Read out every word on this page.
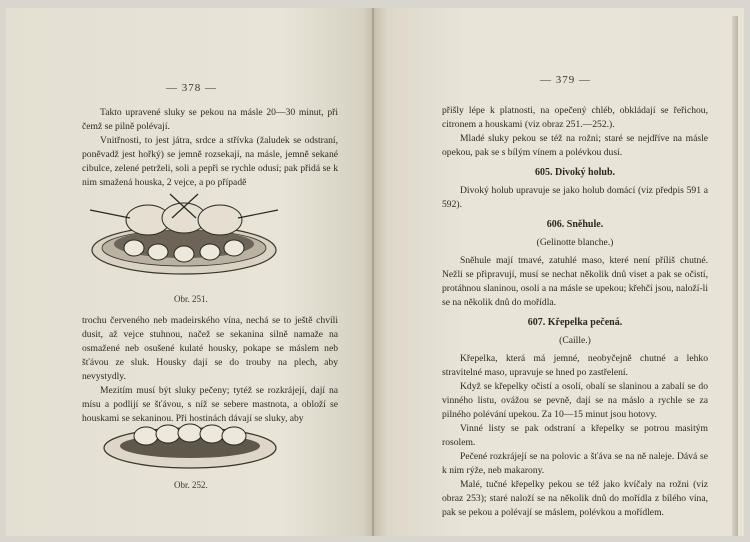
— 378 —

Takto upravené sluky se pekou na másle 20—30 minut, při čemž se pilně polévají.

Vnitřnosti, to jest játra, srdce a střívka (žaludek se odstraní, poněvadž jest hořký) se jemně rozsekají, na másle, jemně sekané cibulce, zelené petrželi, soli a pepři se rychle odusí; pak přidá se k nim smažená houska, 2 vejce, a po případě

Obr. 251.

trochu červeného neb madeirského vína, nechá se to ještě chvíli dusit, až vejce stuhnou, načež se sekanina silně namaže na osmažené neb osušené kulaté housky, pokape se máslem neb šťávou ze sluk. Housky dají se do trouby na plech, aby nevystydly.

Mezitím musí být sluky pečeny; tytéž se rozkrájejí, dají na mísu a podlijí se šťávou, s níž se sebere mastnota, a obloží se houskami se sekaninou. Při hostinách dávají se sluky, aby

Obr. 252.
— 379 —

přišly lépe k platnosti, na opečený chléb, obkládají se řeřichou, citronem a houskami (viz obraz 251.—252.).

Mladé sluky pekou se též na rožni; staré se nejdříve na másle opekou, pak se s bílým vínem a polévkou dusí.

605. Divoký holub.

Divoký holub upravuje se jako holub domácí (viz předpis 591 a 592).

606. Sněhule.

(Gelinotte blanche.)

Sněhule mají tmavé, zatuhlé maso, které není příliš chutné. Nežli se připravují, musí se nechat několik dnů viset a pak se očistí, protáhnou slaninou, osolí a na másle se upekou; křehčí jsou, naloží-li se na několik dnů do mořídla.

607. Křepelka pečená.

(Caille.)

Křepelka, která má jemné, neobyčejně chutné a lehko stravitelné maso, upravuje se hned po zastřelení.

Když se křepelky očistí a osolí, obalí se slaninou a zabalí se do vinného listu, ovážou se pevně, dají se na máslo a rychle se za pilného polévání upekou. Za 10—15 minut jsou hotovy.

Vinné listy se pak odstraní a křepelky se potrou masitým rosolem.

Pečené rozkrájejí se na polovic a šťáva se na ně naleje. Dává se k nim rýže, neb makarony.

Malé, tučné křepelky pekou se též jako kvíčaly na rožni (viz obraz 253); staré naloží se na několik dnů do mořídla z bílého vína, pak se pekou a polévají se máslem, polévkou a mořídlem.
